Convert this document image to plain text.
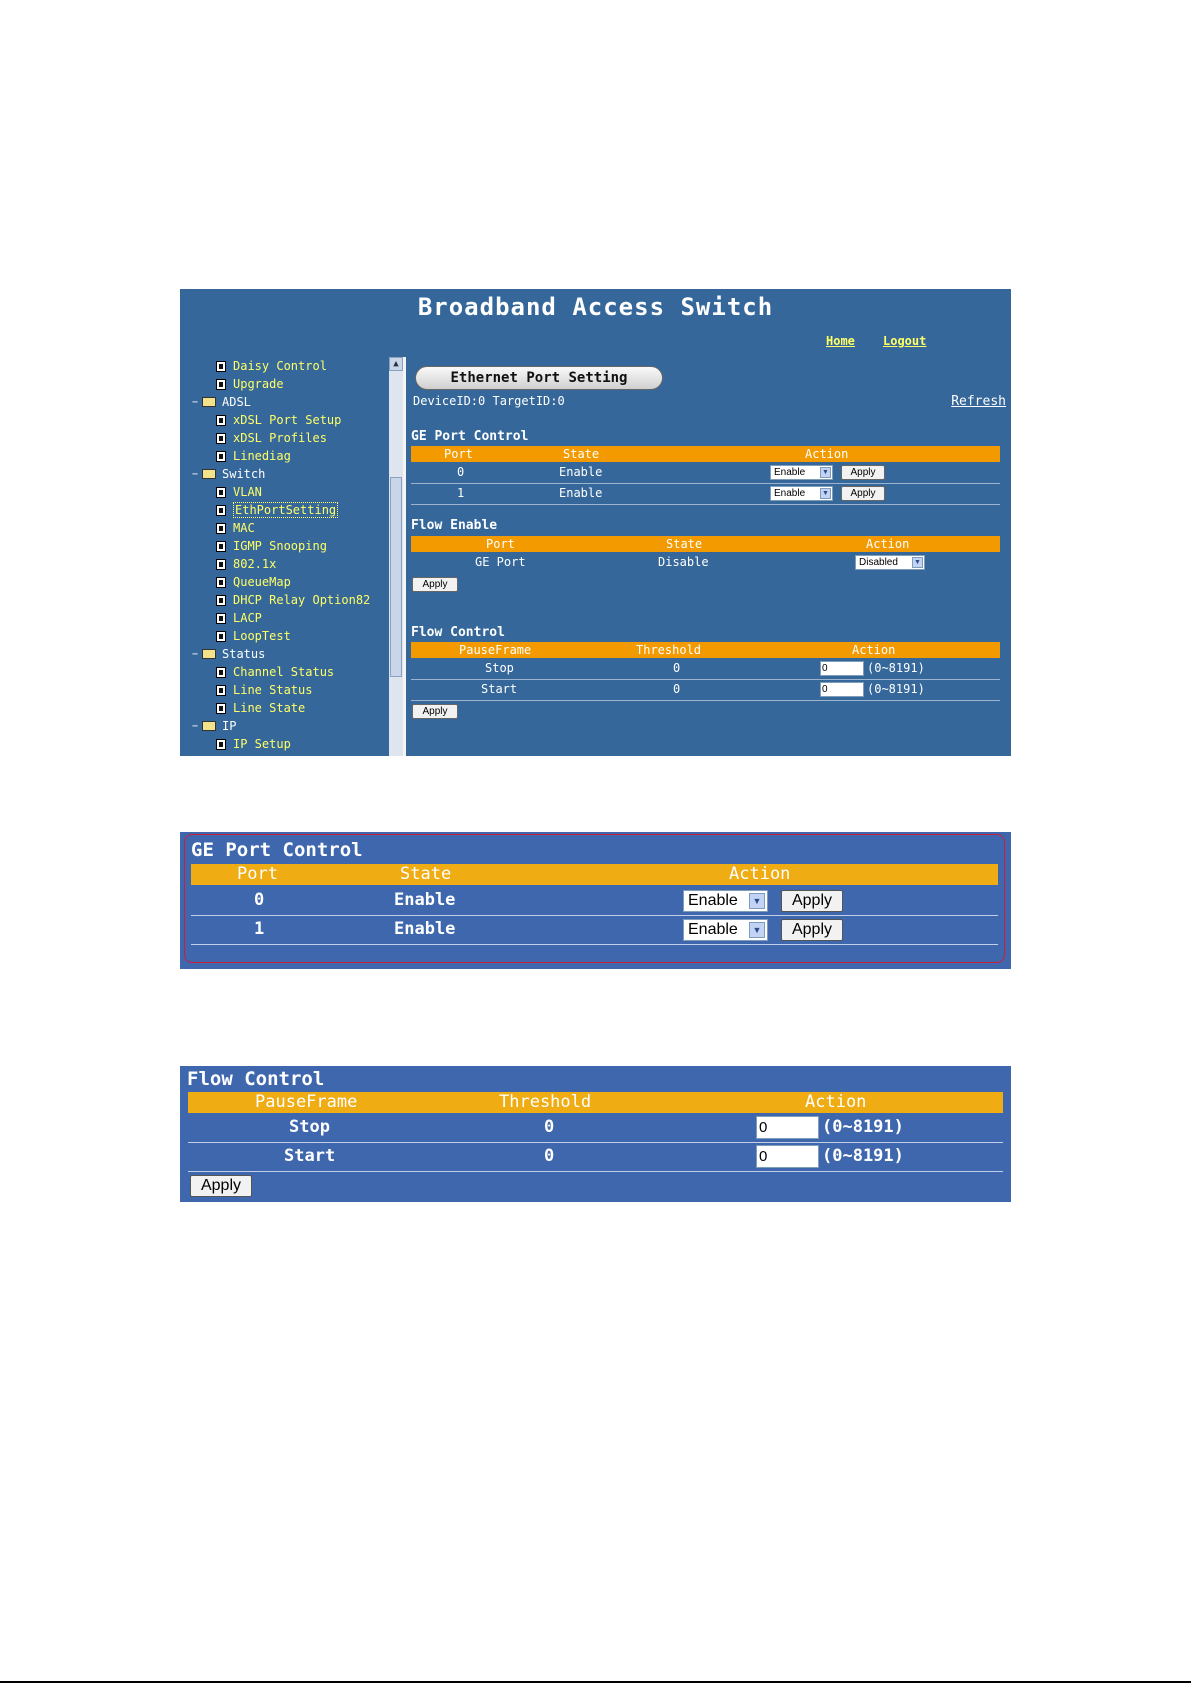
Broadband Access Switch
Home Logout
Daisy Control
Upgrade
− ADSL
xDSL Port Setup
xDSL Profiles
Linediag
− Switch
VLAN
EthPortSetting
MAC
IGMP Snooping
802.1x
QueueMap
DHCP Relay Option82
LACP
LoopTest
− Status
Channel Status
Line Status
Line State
− IP
IP Setup
▲
Ethernet Port Setting
DeviceID:0 TargetID:0	Refresh
GE Port Control
Port	State	Action
0	Enable	Enable ▼	Apply
1	Enable	Enable ▼	Apply
Flow Enable
Port	State	Action
GE Port	Disable	Disabled ▼
Apply
Flow Control
PauseFrame	Threshold	Action
Stop	0	0	(0~8191)
Start	0	0	(0~8191)
Apply
GE Port Control
Port	State	Action
0	Enable	Enable	▼	Apply
1	Enable	Enable	▼	Apply
Flow Control
PauseFrame	Threshold	Action
Stop	0	0	(0~8191)
Start	0	0	(0~8191)
Apply
